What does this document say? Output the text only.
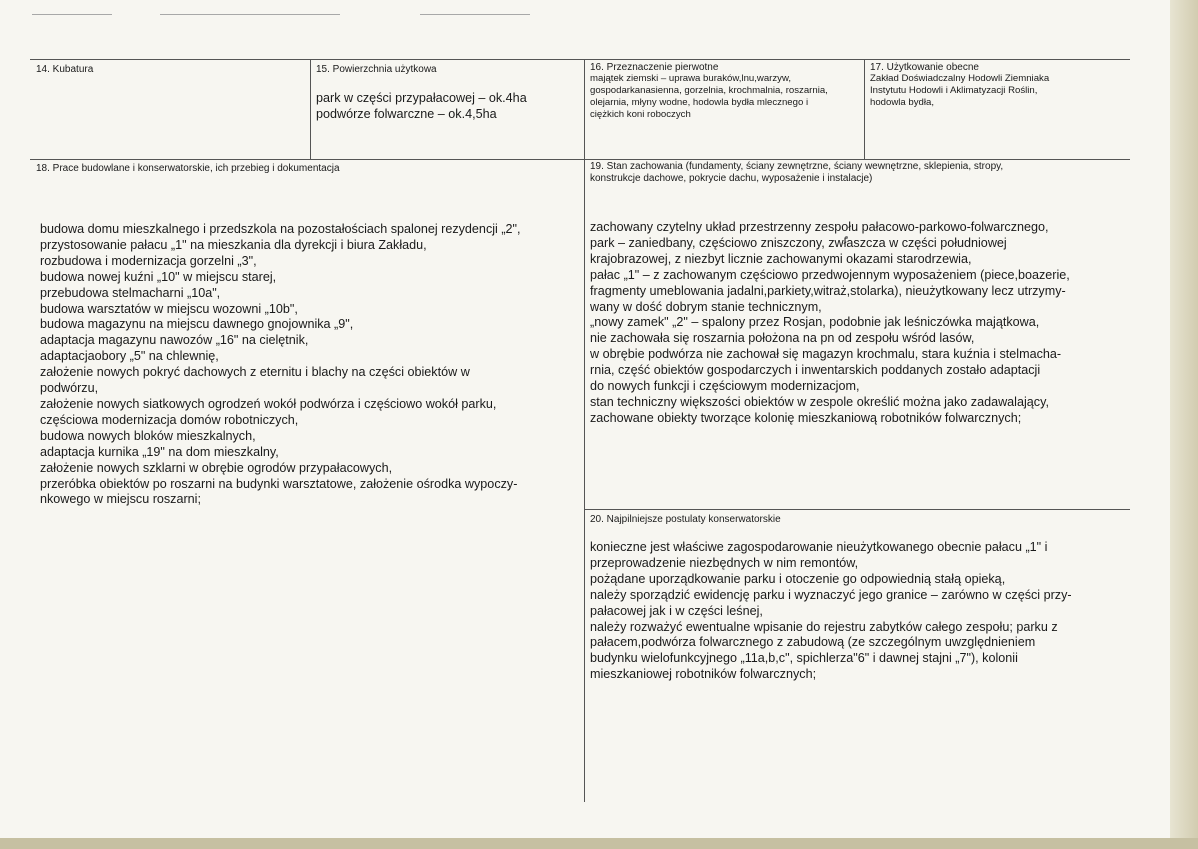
14. Kubatura	15. Powierzchnia użytkowa
park w części przypałacowej – ok.4ha
podwórze folwarczne – ok.4,5ha
16. Przeznaczenie pierwotne
majątek ziemski – uprawa buraków,lnu,warzyw,
gospodarkanasienna, gorzelnia, krochmalnia, roszarnia,
olejarnia, młyny wodne, hodowla bydła mlecznego i
ciężkich koni roboczych
17. Użytkowanie obecne
Zakład Doświadczalny Hodowli Ziemniaka
Instytutu Hodowli i Aklimatyzacji Roślin,
hodowla bydła,
18. Prace budowlane i konserwatorskie, ich przebieg i dokumentacja
budowa domu mieszkalnego i przedszkola na pozostałościach spalonej rezydencji „2",
przystosowanie pałacu „1" na mieszkania dla dyrekcji i biura Zakładu,
rozbudowa i modernizacja gorzelni „3",
budowa nowej kuźni „10" w miejscu starej,
przebudowa stelmacharni „10a",
budowa warsztatów w miejscu wozowni „10b",
budowa magazynu na miejscu dawnego gnojownika „9",
adaptacja magazynu nawozów „16" na cielętnik,
adaptacjaobory „5" na chlewnię,
założenie nowych pokryć dachowych z eternitu i blachy na części obiektów w
podwórzu,
założenie nowych siatkowych ogrodzeń wokół podwórza i częściowo wokół parku,
częściowa modernizacja domów robotniczych,
budowa nowych bloków mieszkalnych,
adaptacja kurnika „19" na dom mieszkalny,
założenie nowych szklarni w obrębie ogrodów przypałacowych,
przeróbka obiektów po roszarni na budynki warsztatowe, założenie ośrodka wypoczy-
nkowego w miejscu roszarni;
19. Stan zachowania (fundamenty, ściany zewnętrzne, ściany wewnętrzne, sklepienia, stropy,
konstrukcje dachowe, pokrycie dachu, wyposażenie i instalacje)
zachowany czytelny układ przestrzenny zespołu pałacowo-parkowo-folwarcznego,
park – zaniedbany, częściowo zniszczony, zwłaszcza w części południowej
krajobrazowej, z niezbyt licznie zachowanymi okazami starodrzewia,
pałac „1" – z zachowanym częściowo przedwojennym wyposażeniem (piece,boazerie,
fragmenty umeblowania jadalni,parkiety,witraż,stolarka), nieużytkowany lecz utrzymy-
wany w dość dobrym stanie technicznym,
„nowy zamek" „2" – spalony przez Rosjan, podobnie jak leśniczówka majątkowa,
nie zachowała się roszarnia położona na pn od zespołu wśród lasów,
w obrębie podwórza nie zachował się magazyn krochmalu, stara kuźnia i stelmacha-
rnia, część obiektów gospodarczych i inwentarskich poddanych zostało adaptacji
do nowych funkcji i częściowym modernizacjom,
stan techniczny większości obiektów w zespole określić można jako zadawalający,
zachowane obiekty tworzące kolonię mieszkaniową robotników folwarcznych;
20. Najpilniejsze postulaty konserwatorskie
konieczne jest właściwe zagospodarowanie nieużytkowanego obecnie pałacu „1" i
przeprowadzenie niezbędnych w nim remontów,
pożądane uporządkowanie parku i otoczenie go odpowiednią stałą opieką,
należy sporządzić ewidencję parku i wyznaczyć jego granice – zarówno w części przy-
pałacowej jak i w części leśnej,
należy rozważyć ewentualne wpisanie do rejestru zabytków całego zespołu; parku z
pałacem,podwórza folwarcznego z zabudową (ze szczególnym uwzględnieniem
budynku wielofunkcyjnego „11a,b,c", spichlerza"6" i dawnej stajni „7"), kolonii
mieszkaniowej robotników folwarcznych;
